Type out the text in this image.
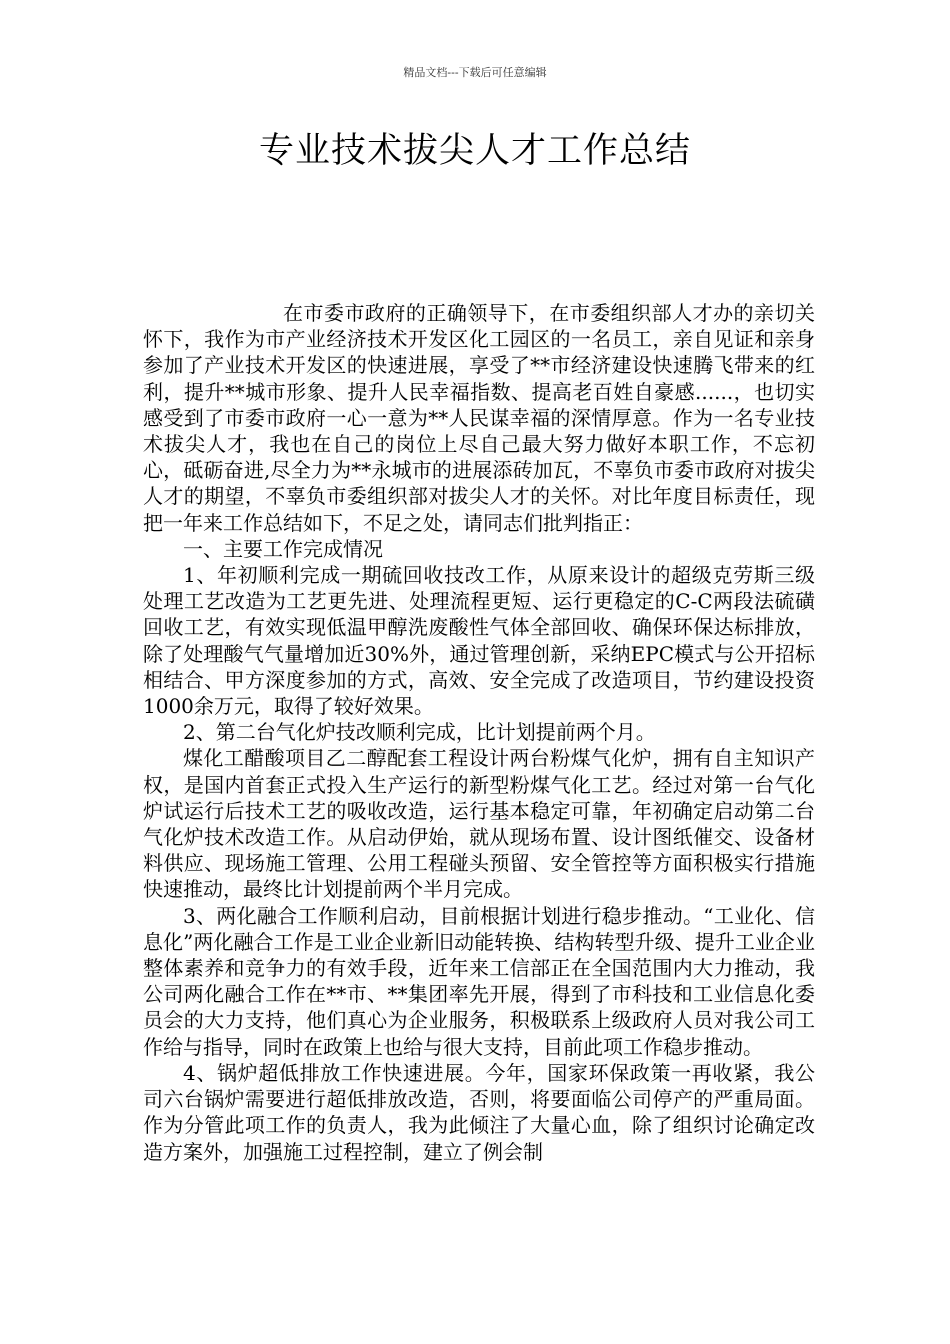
精品文档---下载后可任意编辑
专业技术拔尖人才工作总结

在市委市政府的正确领导下，在市委组织部人才办的亲切关怀下，我作为市产业经济技术开发区化工园区的一名员工，亲自见证和亲身参加了产业技术开发区的快速进展，享受了**市经济建设快速腾飞带来的红利，提升**城市形象、提升人民幸福指数、提高老百姓自豪感......，也切实感受到了市委市政府一心一意为**人民谋幸福的深情厚意。作为一名专业技术拔尖人才，我也在自己的岗位上尽自己最大努力做好本职工作，不忘初心，砥砺奋进,尽全力为**永城市的进展添砖加瓦，不辜负市委市政府对拔尖人才的期望，不辜负市委组织部对拔尖人才的关怀。对比年度目标责任，现把一年来工作总结如下，不足之处，请同志们批判指正：

一、主要工作完成情况

1、年初顺利完成一期硫回收技改工作，从原来设计的超级克劳斯三级处理工艺改造为工艺更先进、处理流程更短、运行更稳定的C-C两段法硫磺回收工艺，有效实现低温甲醇洗废酸性气体全部回收、确保环保达标排放，除了处理酸气气量增加近30%外，通过管理创新，采纳EPC模式与公开招标相结合、甲方深度参加的方式，高效、安全完成了改造项目，节约建设投资1000余万元，取得了较好效果。

2、第二台气化炉技改顺利完成，比计划提前两个月。

煤化工醋酸项目乙二醇配套工程设计两台粉煤气化炉，拥有自主知识产权，是国内首套正式投入生产运行的新型粉煤气化工艺。经过对第一台气化炉试运行后技术工艺的吸收改造，运行基本稳定可靠，年初确定启动第二台气化炉技术改造工作。从启动伊始，就从现场布置、设计图纸催交、设备材料供应、现场施工管理、公用工程碰头预留、安全管控等方面积极实行措施快速推动，最终比计划提前两个半月完成。

3、两化融合工作顺利启动，目前根据计划进行稳步推动。“工业化、信息化”两化融合工作是工业企业新旧动能转换、结构转型升级、提升工业企业整体素养和竞争力的有效手段，近年来工信部正在全国范围内大力推动，我公司两化融合工作在**市、**集团率先开展，得到了市科技和工业信息化委员会的大力支持，他们真心为企业服务，积极联系上级政府人员对我公司工作给与指导，同时在政策上也给与很大支持，目前此项工作稳步推动。

4、锅炉超低排放工作快速进展。今年，国家环保政策一再收紧，我公司六台锅炉需要进行超低排放改造，否则，将要面临公司停产的严重局面。作为分管此项工作的负责人，我为此倾注了大量心血，除了组织讨论确定改造方案外，加强施工过程控制，建立了例会制
